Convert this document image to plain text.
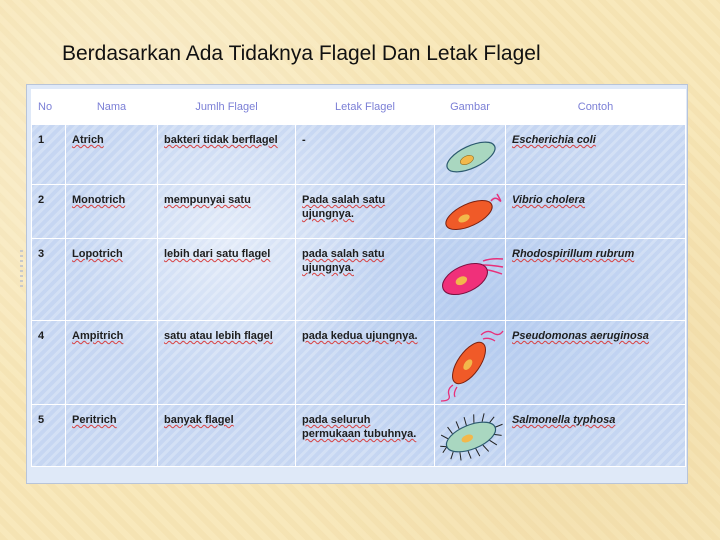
Berdasarkan Ada Tidaknya Flagel Dan Letak Flagel
No	Nama	Jumlh Flagel	Letak Flagel	Gambar	Contoh
1	Atrich	bakteri tidak berflagel	-		Escherichia coli
2	Monotrich	mempunyai satu	Pada salah satu ujungnya.		Vibrio cholera
3	Lopotrich	lebih dari satu flagel	pada salah satu ujungnya.		Rhodospirillum rubrum
4	Ampitrich	satu atau lebih flagel	pada kedua ujungnya.		Pseudomonas aeruginosa
5	Peritrich	banyak flagel	pada seluruh permukaan tubuhnya.		Salmonella typhosa
